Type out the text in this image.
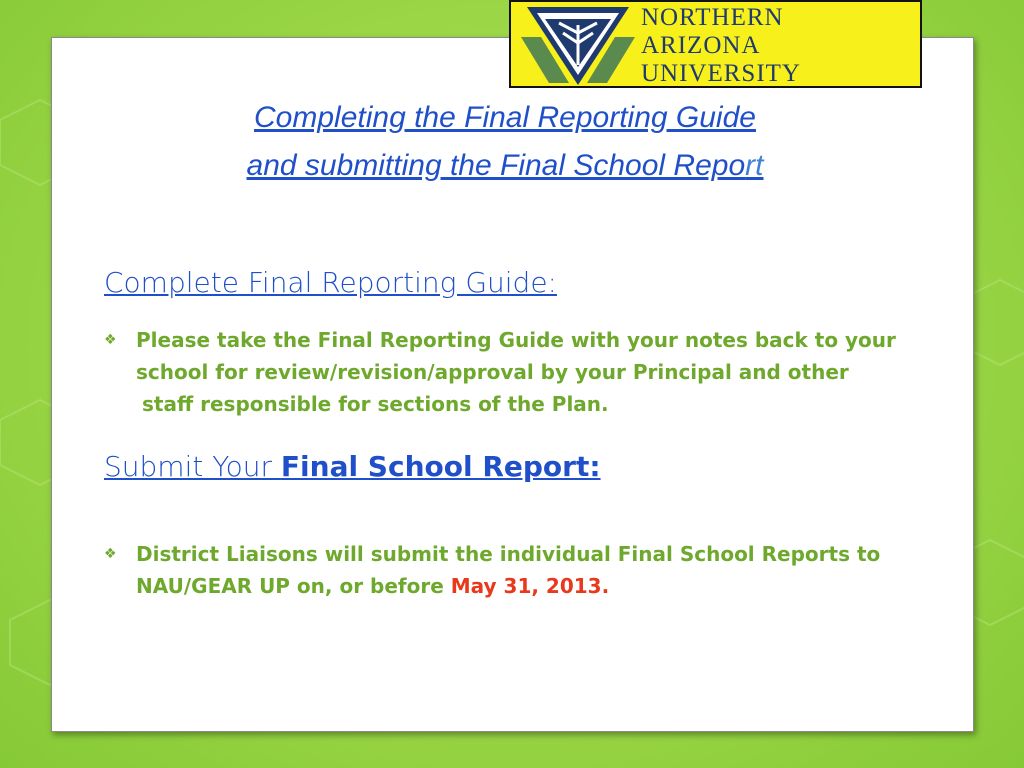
NORTHERN
ARIZONA
UNIVERSITY
Completing the Final Reporting Guide
and submitting the Final School Report
Complete Final Reporting Guide:
❖ Please take the Final Reporting Guide with your notes back to your
school for review/revision/approval by your Principal and other
staff responsible for sections of the Plan.
Submit Your Final School Report:
❖ District Liaisons will submit the individual Final School Reports to
NAU/GEAR UP on, or before May 31, 2013.
